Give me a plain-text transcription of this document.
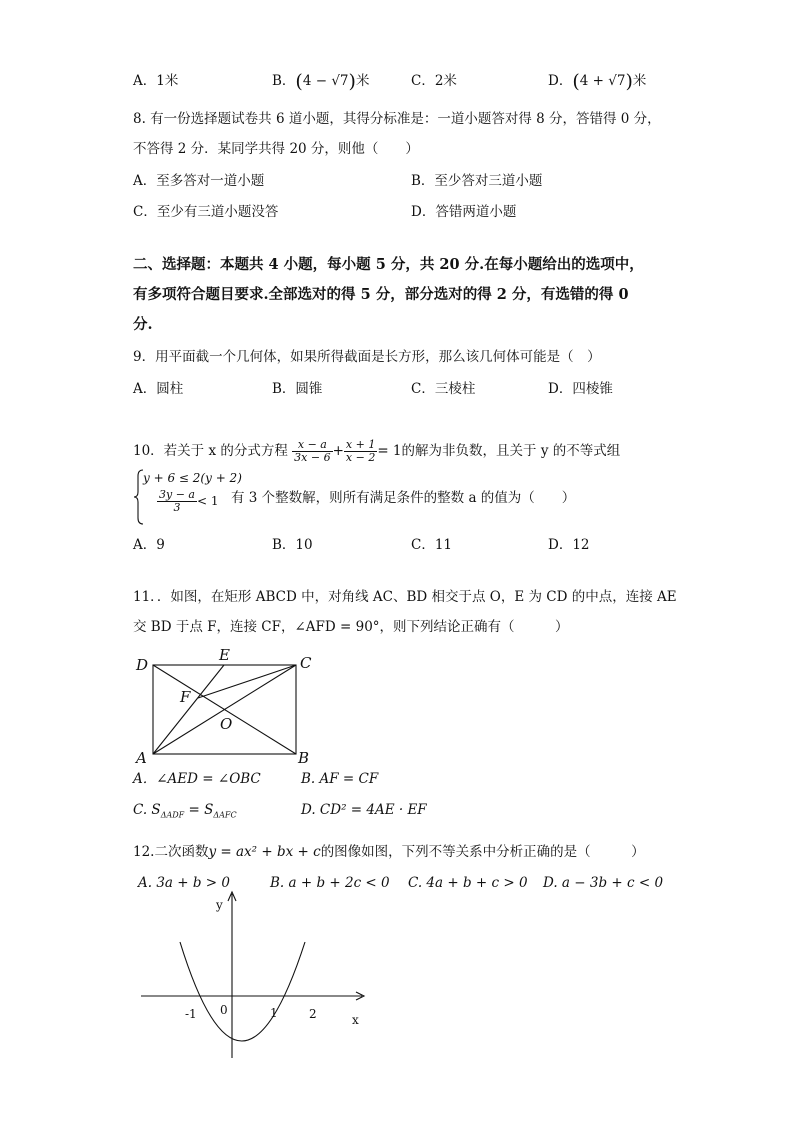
A．1米	B．(4 − √7)米	C．2米	D．(4 + √7)米
8. 有一份选择题试卷共 6 道小题，其得分标准是：一道小题答对得 8 分，答错得 0 分，
不答得 2 分．某同学共得 20 分，则他（　　）
A．至多答对一道小题	B．至少答对三道小题
C．至少有三道小题没答	D．答错两道小题
二、选择题：本题共 4 小题，每小题 5 分，共 20 分.在每小题给出的选项中，
有多项符合题目要求.全部选对的得 5 分，部分选对的得 2 分，有选错的得 0
分.
9．用平面截一个几何体，如果所得截面是长方形，那么该几何体可能是（　）
A．圆柱	B．圆锥	C．三棱柱	D．四棱锥
10．若关于 x 的分式方程 $\frac{x - a}{3x - 6} + \frac{x + 1}{x - 2} = 1$的解为非负数，且关于 y 的不等式组
y + 6 ≤ 2(y + 2)
$\frac{3y - a}{3} < 1$ 有 3 个整数解，则所有满足条件的整数 a 的值为（　　）
A．9	B．10	C．11	D．12
11．．如图，在矩形 ABCD 中，对角线 AC、BD 相交于点 O，E 为 CD 的中点，连接 AE
交 BD 于点 F，连接 CF，∠AFD = 90°，则下列结论正确有（　　　）
D
E	C
F
O
A	B
A．∠AED = ∠OBC	B. AF = CF
C. $S_{\Delta ADF} = S_{\Delta AFC}$	D. CD² = 4AE · EF
12.二次函数y = ax² + bx + c的图像如图，下列不等关系中分析正确的是（　　　）
A. 3a + b > 0	B. a + b + 2c < 0 C. 4a + b + c > 0 D. a − 3b + c < 0
y
x
-1 0	1	2
